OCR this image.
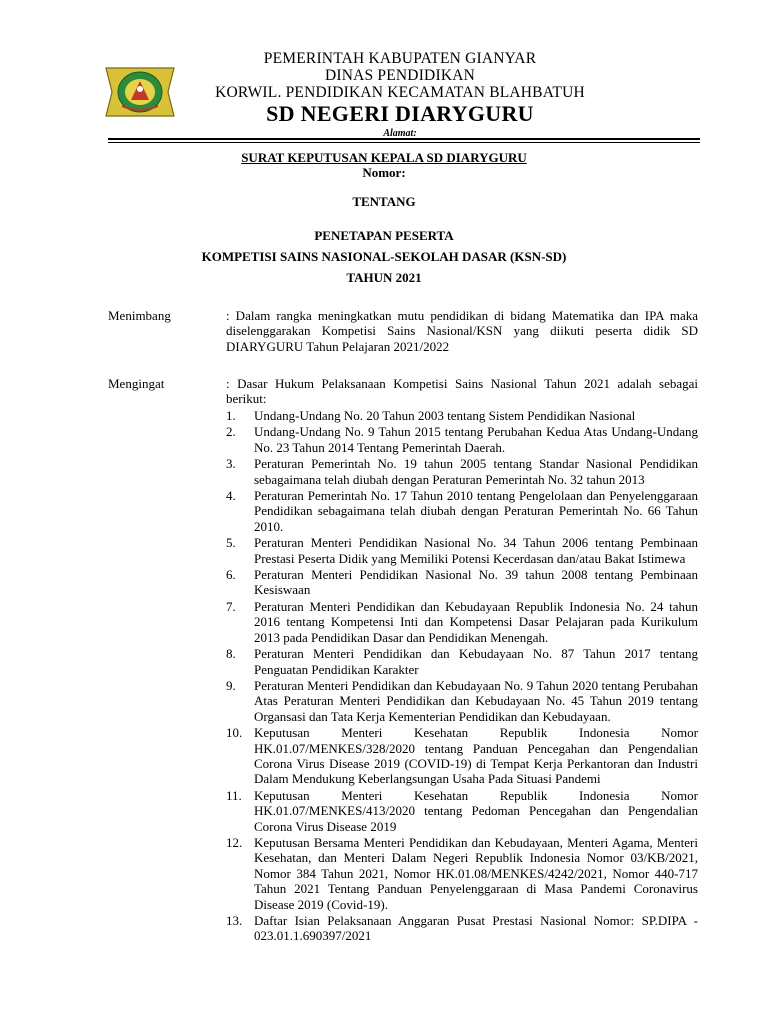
PEMERINTAH KABUPATEN GIANYAR
DINAS PENDIDIKAN
KORWIL. PENDIDIKAN KECAMATAN BLAHBATUH
SD NEGERI DIARYGURU
Alamat:
SURAT KEPUTUSAN KEPALA SD DIARYGURU
Nomor:
TENTANG
PENETAPAN PESERTA
KOMPETISI SAINS NASIONAL-SEKOLAH DASAR (KSN-SD)
TAHUN 2021
Menimbang	: Dalam rangka meningkatkan mutu pendidikan di bidang Matematika dan IPA maka diselenggarakan Kompetisi Sains Nasional/KSN yang diikuti peserta didik SD DIARYGURU Tahun Pelajaran 2021/2022
Mengingat	: Dasar Hukum Pelaksanaan Kompetisi Sains Nasional Tahun 2021 adalah sebagai berikut:
1.	Undang-Undang No. 20 Tahun 2003 tentang Sistem Pendidikan Nasional
2.	Undang-Undang No. 9 Tahun 2015 tentang Perubahan Kedua Atas Undang-Undang No. 23 Tahun 2014 Tentang Pemerintah Daerah.
3.	Peraturan Pemerintah No. 19 tahun 2005 tentang Standar Nasional Pendidikan sebagaimana telah diubah dengan Peraturan Pemerintah No. 32 tahun 2013
4.	Peraturan Pemerintah No. 17 Tahun 2010 tentang Pengelolaan dan Penyelenggaraan Pendidikan sebagaimana telah diubah dengan Peraturan Pemerintah No. 66 Tahun 2010.
5.	Peraturan Menteri Pendidikan Nasional No. 34 Tahun 2006 tentang Pembinaan Prestasi Peserta Didik yang Memiliki Potensi Kecerdasan dan/atau Bakat Istimewa
6.	Peraturan Menteri Pendidikan Nasional No. 39 tahun 2008 tentang Pembinaan Kesiswaan
7.	Peraturan Menteri Pendidikan dan Kebudayaan Republik Indonesia No. 24 tahun 2016 tentang Kompetensi Inti dan Kompetensi Dasar Pelajaran pada Kurikulum 2013 pada Pendidikan Dasar dan Pendidikan Menengah.
8.	Peraturan Menteri Pendidikan dan Kebudayaan No. 87 Tahun 2017 tentang Penguatan Pendidikan Karakter
9.	Peraturan Menteri Pendidikan dan Kebudayaan No. 9 Tahun 2020 tentang Perubahan Atas Peraturan Menteri Pendidikan dan Kebudayaan No. 45 Tahun 2019 tentang Organsasi dan Tata Kerja Kementerian Pendidikan dan Kebudayaan.
10. Keputusan Menteri Kesehatan Republik Indonesia Nomor HK.01.07/MENKES/328/2020 tentang Panduan Pencegahan dan Pengendalian Corona Virus Disease 2019 (COVID-19) di Tempat Kerja Perkantoran dan Industri Dalam Mendukung Keberlangsungan Usaha Pada Situasi Pandemi
11. Keputusan Menteri Kesehatan Republik Indonesia Nomor HK.01.07/MENKES/413/2020 tentang Pedoman Pencegahan dan Pengendalian Corona Virus Disease 2019
12. Keputusan Bersama Menteri Pendidikan dan Kebudayaan, Menteri Agama, Menteri Kesehatan, dan Menteri Dalam Negeri Republik Indonesia Nomor 03/KB/2021, Nomor 384 Tahun 2021, Nomor HK.01.08/MENKES/4242/2021, Nomor 440-717 Tahun 2021 Tentang Panduan Penyelenggaraan di Masa Pandemi Coronavirus Disease 2019 (Covid-19).
13. Daftar Isian Pelaksanaan Anggaran Pusat Prestasi Nasional Nomor: SP.DIPA - 023.01.1.690397/2021
